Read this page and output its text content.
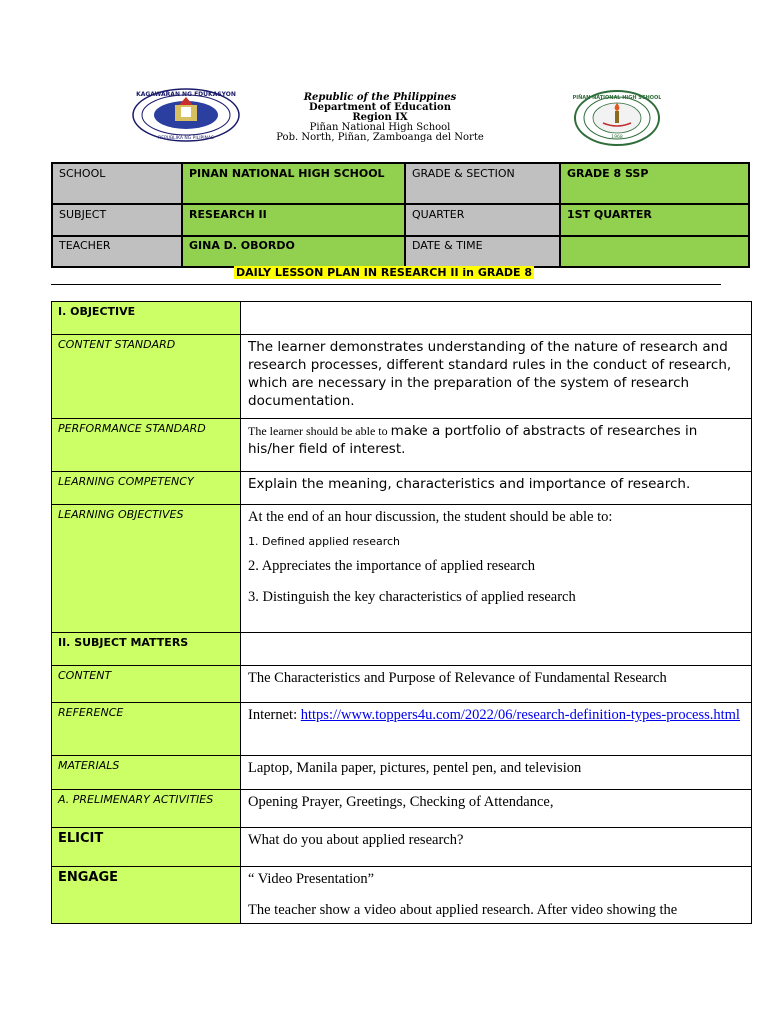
KAGAWARAN NG EDUKASYON
REPUBLIKA NG PILIPINAS
Republic of the Philippines
Department of Education
Region IX
Piñan National High School
Pob. North, Piñan, Zamboanga del Norte
PIÑAN NATIONAL HIGH SCHOOL
1968
SCHOOL	PINAN NATIONAL HIGH SCHOOL	GRADE & SECTION	GRADE 8 SSP
SUBJECT	RESEARCH II	QUARTER	1ST QUARTER
TEACHER	GINA D. OBORDO	DATE & TIME	
DAILY LESSON PLAN IN RESEARCH II in GRADE 8
I. OBJECTIVE	
CONTENT STANDARD	The learner demonstrates understanding of the nature of research and research processes, different standard rules in the conduct of research, which are necessary in the preparation of the system of research documentation.
PERFORMANCE STANDARD	The learner should be able to make a portfolio of abstracts of researches in his/her field of interest.
LEARNING COMPETENCY	Explain the meaning, characteristics and importance of research.
LEARNING OBJECTIVES	At the end of an hour discussion, the student should be able to:
1. Defined applied research
2. Appreciates the importance of applied research
3. Distinguish the key characteristics of applied research

II. SUBJECT MATTERS	
CONTENT	The Characteristics and Purpose of Relevance of Fundamental Research
REFERENCE	Internet: https://www.toppers4u.com/2022/06/research-definition-types-process.html
MATERIALS	Laptop, Manila paper, pictures, pentel pen, and television
A. PRELIMENARY ACTIVITIES	Opening Prayer, Greetings, Checking of Attendance,
ELICIT	What do you about applied research?
ENGAGE	“ Video Presentation”
The teacher show a video about applied research. After video showing the
